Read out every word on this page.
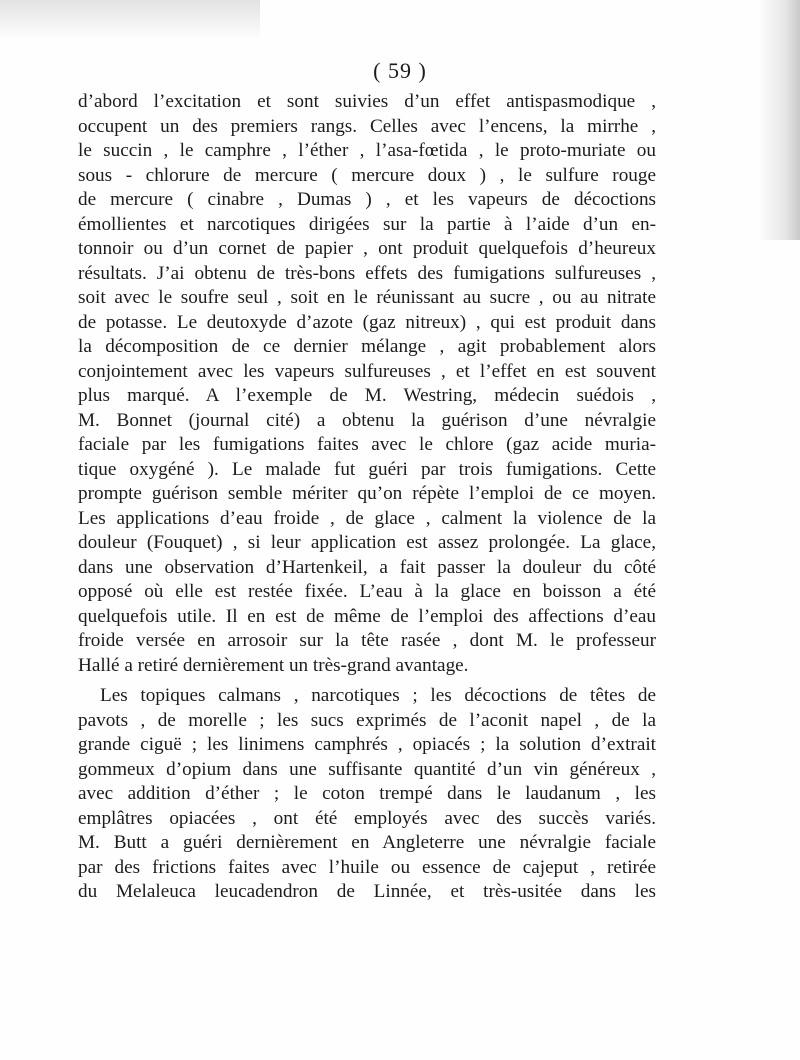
( 59 )
d’abord l’excitation et sont suivies d’un effet antispasmodique ,
occupent un des premiers rangs. Celles avec l’encens, la mirrhe ,
le succin , le camphre , l’éther , l’asa-fœtida , le proto-muriate ou
sous - chlorure de mercure ( mercure doux ) , le sulfure rouge
de mercure ( cinabre , Dumas ) , et les vapeurs de décoctions
émollientes et narcotiques dirigées sur la partie à l’aide d’un en-
tonnoir ou d’un cornet de papier , ont produit quelquefois d’heureux
résultats. J’ai obtenu de très-bons effets des fumigations sulfureuses ,
soit avec le soufre seul , soit en le réunissant au sucre , ou au nitrate
de potasse. Le deutoxyde d’azote (gaz nitreux) , qui est produit dans
la décomposition de ce dernier mélange , agit probablement alors
conjointement avec les vapeurs sulfureuses , et l’effet en est souvent
plus marqué. A l’exemple de M. Westring, médecin suédois ,
M. Bonnet (journal cité) a obtenu la guérison d’une névralgie
faciale par les fumigations faites avec le chlore (gaz acide muria-
tique oxygéné ). Le malade fut guéri par trois fumigations. Cette
prompte guérison semble mériter qu’on répète l’emploi de ce moyen.
Les applications d’eau froide , de glace , calment la violence de la
douleur (Fouquet) , si leur application est assez prolongée. La glace,
dans une observation d’Hartenkeil, a fait passer la douleur du côté
opposé où elle est restée fixée. L’eau à la glace en boisson a été
quelquefois utile. Il en est de même de l’emploi des affections d’eau
froide versée en arrosoir sur la tête rasée , dont M. le professeur
Hallé a retiré dernièrement un très-grand avantage.
Les topiques calmans , narcotiques ; les décoctions de têtes de
pavots , de morelle ; les sucs exprimés de l’aconit napel , de la
grande ciguë ; les linimens camphrés , opiacés ; la solution d’extrait
gommeux d’opium dans une suffisante quantité d’un vin généreux ,
avec addition d’éther ; le coton trempé dans le laudanum , les
emplâtres opiacées , ont été employés avec des succès variés.
M. Butt a guéri dernièrement en Angleterre une névralgie faciale
par des frictions faites avec l’huile ou essence de cajeput , retirée
du Melaleuca leucadendron de Linnée, et très-usitée dans les
